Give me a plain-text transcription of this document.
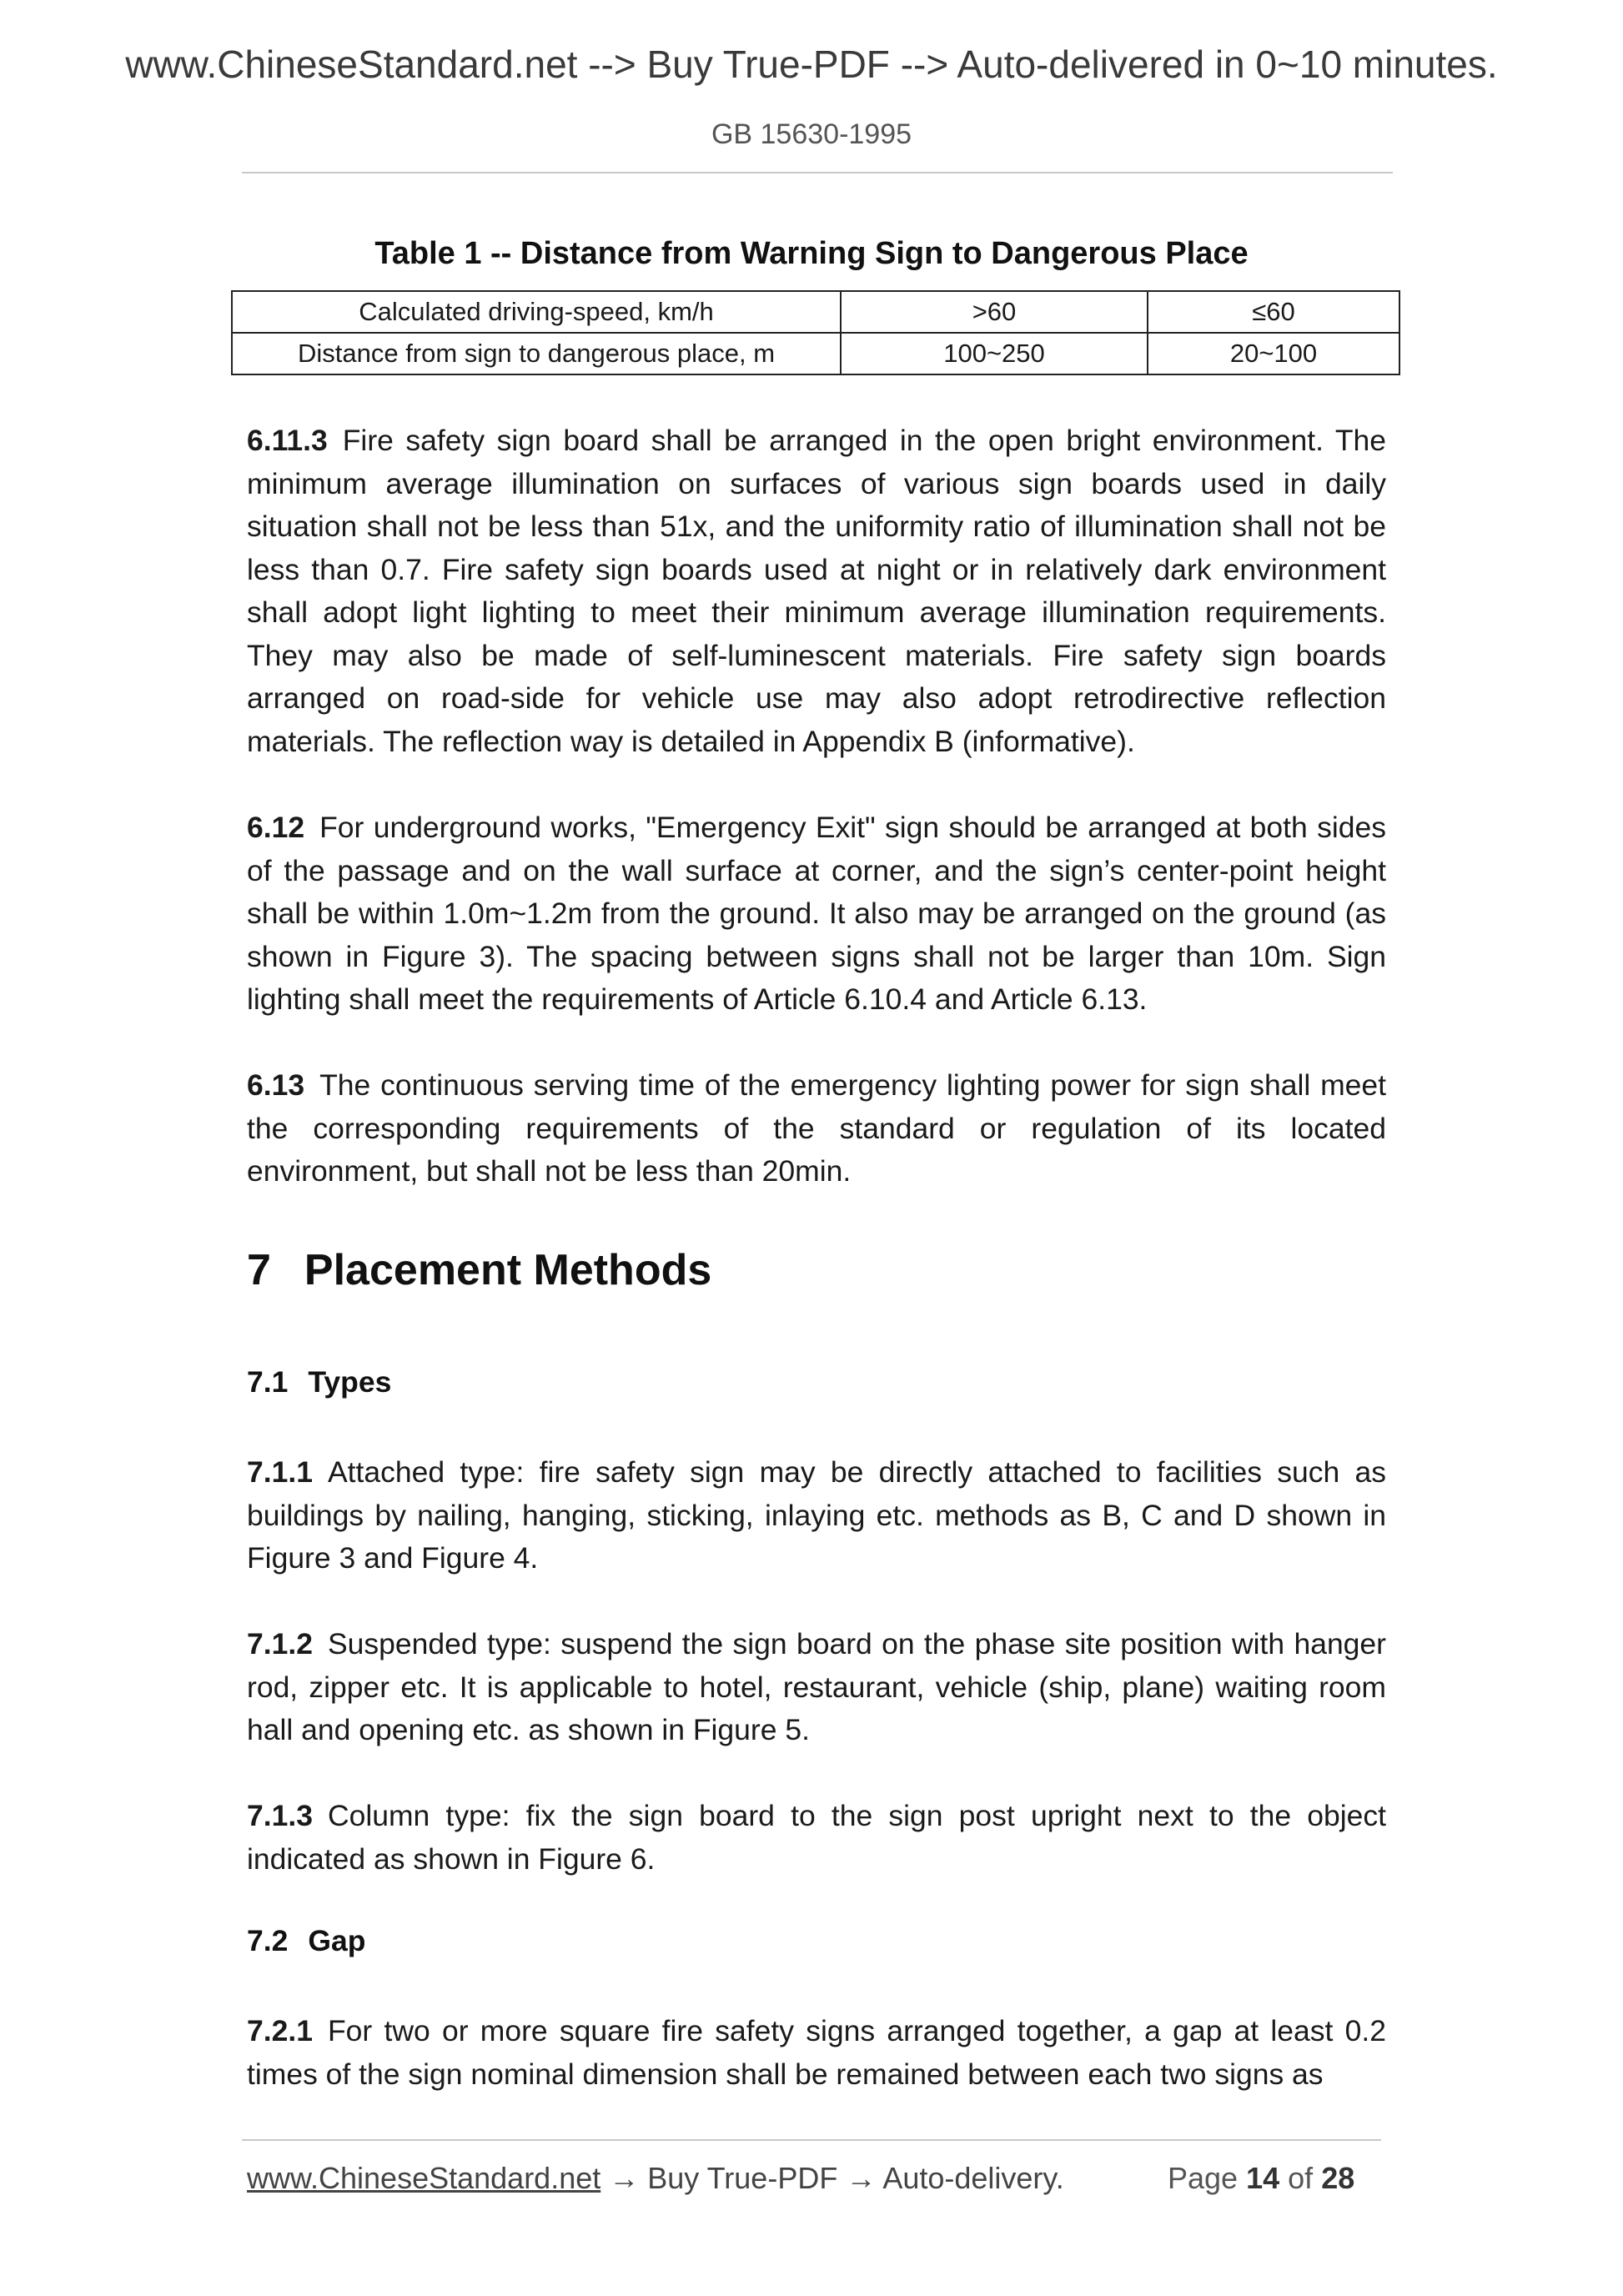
www.ChineseStandard.net --> Buy True-PDF --> Auto-delivered in 0~10 minutes.
GB 15630-1995
Table 1 -- Distance from Warning Sign to Dangerous Place
Calculated driving-speed, km/h	>60	≤60
Distance from sign to dangerous place, m	100~250	20~100
6.11.3 Fire safety sign board shall be arranged in the open bright environment. The minimum average illumination on surfaces of various sign boards used in daily situation shall not be less than 51x, and the uniformity ratio of illumination shall not be less than 0.7. Fire safety sign boards used at night or in relatively dark environment shall adopt light lighting to meet their minimum average illumination requirements. They may also be made of self-luminescent materials. Fire safety sign boards arranged on road-side for vehicle use may also adopt retrodirective reflection materials. The reflection way is detailed in Appendix B (informative).
6.12 For underground works, "Emergency Exit" sign should be arranged at both sides of the passage and on the wall surface at corner, and the sign’s center-point height shall be within 1.0m~1.2m from the ground. It also may be arranged on the ground (as shown in Figure 3). The spacing between signs shall not be larger than 10m. Sign lighting shall meet the requirements of Article 6.10.4 and Article 6.13.
6.13 The continuous serving time of the emergency lighting power for sign shall meet the corresponding requirements of the standard or regulation of its located environment, but shall not be less than 20min.
7 Placement Methods
7.1 Types
7.1.1 Attached type: fire safety sign may be directly attached to facilities such as buildings by nailing, hanging, sticking, inlaying etc. methods as B, C and D shown in Figure 3 and Figure 4.
7.1.2 Suspended type: suspend the sign board on the phase site position with hanger rod, zipper etc. It is applicable to hotel, restaurant, vehicle (ship, plane) waiting room hall and opening etc. as shown in Figure 5.
7.1.3 Column type: fix the sign board to the sign post upright next to the object indicated as shown in Figure 6.
7.2 Gap
7.2.1 For two or more square fire safety signs arranged together, a gap at least 0.2 times of the sign nominal dimension shall be remained between each two signs as
www.ChineseStandard.net → Buy True-PDF → Auto-delivery.	Page 14 of 28
